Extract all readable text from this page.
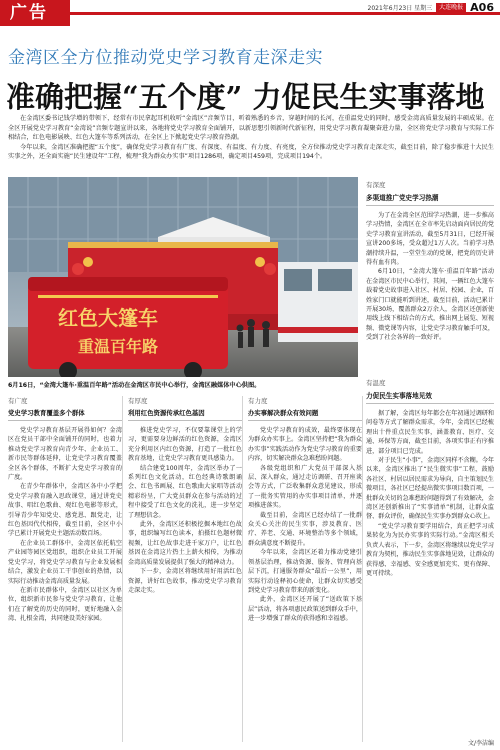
广告	2021年6月23日 星期三	大连晚报 A06
金湾区全方位推动党史学习教育走深走实
准确把握“五个度” 力促民生实事落地

在金湾区委书记钱学增的带领下，经常有市民拿起耳机收听“金湾区”音频节目，听着熟悉的乡音，穿越时间的长河，在重温党史的同时，感受金湾高质量发展的丰硕成果。在全区开展党史学习教育“金湾说”音频专题宣讲以来，各地将党史学习教育全面铺开，以新思想引领新时代新征程，用党史学习教育凝聚奋进力量，全区将党史学习教育与实际工作相结合，红色电影展映、红色大篷车等系列活动，在全区上下掀起党史学习教育热潮。

今年以来，金湾区准确把握“五个度”，确保党史学习教育有广度、有深度、有温度、有力度、有亮度，全方位推动党史学习教育走深走实，截至目前，除了稳步推进十大民生实事之外，还全面实施“民生建设年”工程，梳理“我为群众办实事”项目1286项，确定项目459项，完成项目194个。

红色大篷车
重温百年路
6月16日，“金湾大篷车·重温百年路”活动在金湾区市民中心举行，金湾区融媒体中心供图。
有深度
多渠道推广党史学习热潮

为了在金湾全区范围学习热潮，进一步推高学习热情，金湾区在全市率先启动面向居民的党史学习教育宣讲活动，截至5月31日，已经开展宣讲200多场，受众超过1万人次。当前学习热潮持续升温，一堂堂生动的党课，把党的历史讲得有血有肉。

6月10日，“金湾大篷车·重温百年路”活动在金湾区市民中心举行，其间，一辆红色大篷车载着党史故事进入社区、村居、校园、企业，百姓家门口就能听到讲述，截至目前，活动已累计开展30场，覆盖群众2万余人，金湾区还创新使用线上线下相结合的方式，推出网上展览、短视频、微党课等内容，让党史学习教育触手可及，受到了社会各界的一致好评。

有温度
力促民生实事落地见效

据了解，金湾区每年都会在年初通过调研和问卷等方式了解群众需求，今年，金湾区已经梳理出十件重点民生实事，涵盖教育、医疗、交通、环保等方面，截至目前，各项实事正有序推进，部分项目已完成。

对于民生“小事”，金湾区同样不含糊。今年以来，金湾区推出了“民生微实事”工程，鼓励各社区、村居以居民需求为导向，自主策划民生微项目，各社区已经提出微实事项目数百项，一批群众关切的急难愁盼问题得到了有效解决，金湾区还创新推出了“实事清单”机制，让群众监督、群众评价，确保民生实事办到群众心坎上。

“党史学习教育要学用结合，真正把学习成果转化为为民办实事的实际行动。”金湾区相关负责人表示，下一步，金湾区将继续以党史学习教育为契机，推动民生实事落地见效，让群众的获得感、幸福感、安全感更加充实、更有保障、更可持续。

有广度
党史学习教育覆盖多个群体

党史学习教育基层开展得如何？金湾区在党员干部中全面铺开的同时，也着力推动党史学习教育向青少年、企业员工、新市民等群体延伸，让党史学习教育覆盖全区各个群体，不断扩大党史学习教育的广度。

在青少年群体中，金湾区各中小学把党史学习教育融入思政课堂，通过讲党史故事、唱红色歌曲、观红色电影等形式，引导青少年知党史、感党恩、跟党走，让红色基因代代相传，截至目前，全区中小学已累计开展党史主题活动数百场。

在企业员工群体中，金湾区依托航空产业园等园区党组织，组织企业员工开展党史学习，将党史学习教育与企业发展相结合，激发企业员工干事创业的热情，以实际行动推动金湾高质量发展。

在新市民群体中，金湾区以社区为单位，组织新市民参与党史学习教育，让他们在了解党的历史的同时，更好地融入金湾、扎根金湾，共同建设美好家园。

有厚度
利用红色资源传承红色基因

推进党史学习，不仅要靠课堂上的学习，更需要身边鲜活的红色资源，金湾区充分利用区内红色资源，打造了一批红色教育基地，让党史学习教育更具感染力。

结合建党100周年，金湾区举办了一系列红色文化活动，红色经典诗歌朗诵会、红色书画展、红色歌曲大家唱等活动精彩纷呈，广大党员群众在参与活动的过程中接受了红色文化的洗礼，进一步坚定了理想信念。

此外，金湾区还积极挖掘本地红色故事，组织编写红色读本，拍摄红色题材微视频，让红色故事走进千家万户，让红色基因在金湾这片热土上薪火相传，为推动金湾高质量发展提供了强大的精神动力。

下一步，金湾区将继续用好用活红色资源，讲好红色故事，推动党史学习教育走深走实。

有力度
办实事解决群众有效问题

党史学习教育的成效，最终要体现在为群众办实事上。金湾区坚持把“我为群众办实事”实践活动作为党史学习教育的重要内容，切实解决群众急难愁盼问题。

各级党组织和广大党员干部深入基层、深入群众，通过走访调研、召开座谈会等方式，广泛收集群众意见建议，形成了一批务实管用的办实事项目清单，并逐项推进落实。

截至目前，金湾区已经办结了一批群众关心关注的民生实事，涉及教育、医疗、养老、交通、环境整治等多个领域，群众满意度不断提升。

今年以来，金湾区还着力推动党建引领基层治理，推动资源、服务、管理向基层下沉，打通服务群众“最后一公里”，用实际行动诠释初心使命，让群众切实感受到党史学习教育带来的新变化。

此外，金湾区还开展了“送政策下基层”活动，将各项惠民政策送到群众手中，进一步增强了群众的获得感和幸福感。

文/李洁编
